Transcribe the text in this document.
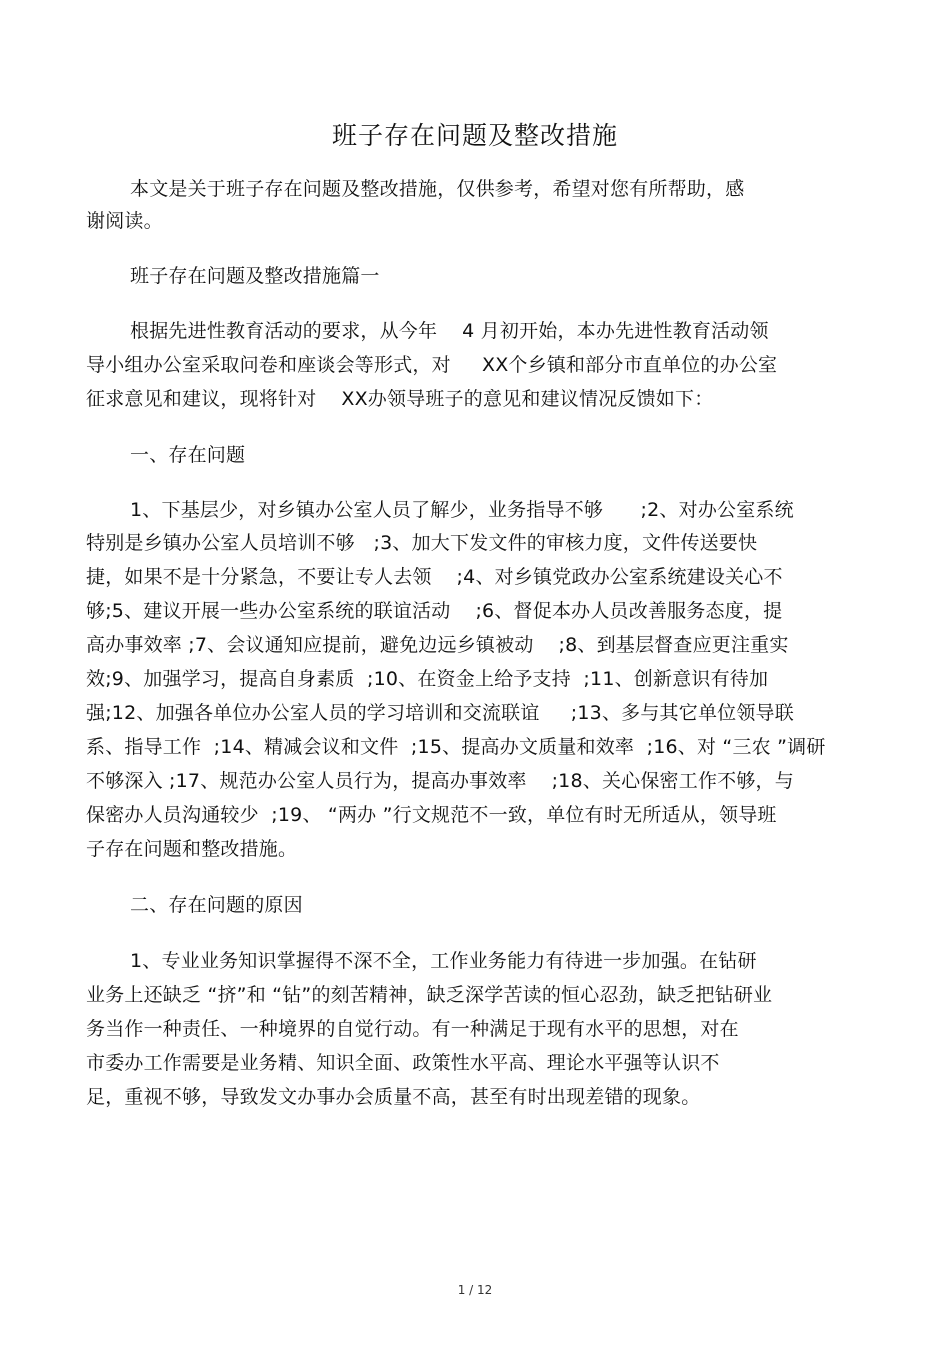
班子存在问题及整改措施

本文是关于班子存在问题及整改措施，仅供参考，希望对您有所帮助，感

谢阅读。

班子存在问题及整改措施篇一

根据先进性教育活动的要求，从今年    4 月初开始，本办先进性教育活动领

导小组办公室采取问卷和座谈会等形式，对     XX个乡镇和部分市直单位的办公室

征求意见和建议，现将针对    XX办领导班子的意见和建议情况反馈如下：

一、存在问题

1、下基层少，对乡镇办公室人员了解少，业务指导不够      ;2、对办公室系统

特别是乡镇办公室人员培训不够   ;3、加大下发文件的审核力度，文件传送要快

捷，如果不是十分紧急，不要让专人去领    ;4、对乡镇党政办公室系统建设关心不

够;5、建议开展一些办公室系统的联谊活动    ;6、督促本办人员改善服务态度，提

高办事效率 ;7、会议通知应提前，避免边远乡镇被动    ;8、到基层督查应更注重实

效;9、加强学习，提高自身素质  ;10、在资金上给予支持  ;11、创新意识有待加

强;12、加强各单位办公室人员的学习培训和交流联谊     ;13、多与其它单位领导联

系、指导工作  ;14、精减会议和文件  ;15、提高办文质量和效率  ;16、对 “三农 ”调研

不够深入 ;17、规范办公室人员行为，提高办事效率    ;18、关心保密工作不够，与

保密办人员沟通较少  ;19、 “两办 ”行文规范不一致，单位有时无所适从，领导班

子存在问题和整改措施。

二、存在问题的原因

1、专业业务知识掌握得不深不全，工作业务能力有待进一步加强。在钻研

业务上还缺乏 “挤”和 “钻”的刻苦精神，缺乏深学苦读的恒心忍劲，缺乏把钻研业

务当作一种责任、一种境界的自觉行动。有一种满足于现有水平的思想，对在

市委办工作需要是业务精、知识全面、政策性水平高、理论水平强等认识不

足，重视不够，导致发文办事办会质量不高，甚至有时出现差错的现象。

1 / 12
